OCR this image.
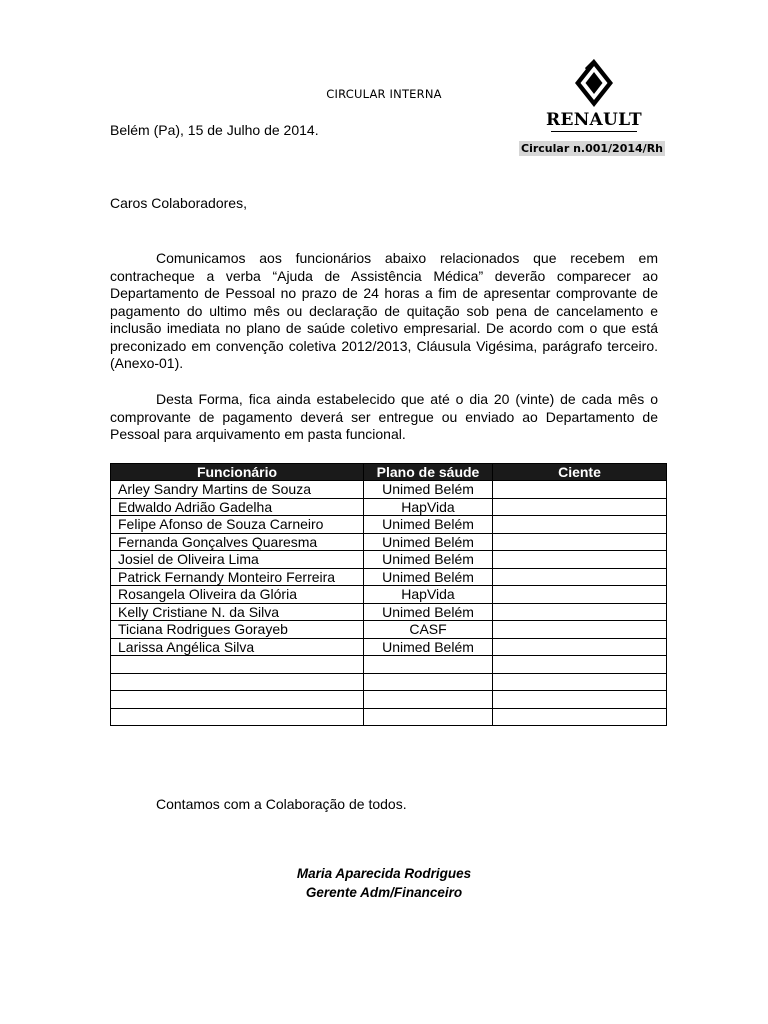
CIRCULAR INTERNA
RENAULT
Circular n.001/2014/Rh
Belém (Pa), 15 de Julho de 2014.
Caros Colaboradores,

Comunicamos aos funcionários abaixo relacionados que recebem em contracheque a verba “Ajuda de Assistência Médica” deverão comparecer ao Departamento de Pessoal no prazo de 24 horas a fim de apresentar comprovante de pagamento do ultimo mês ou declaração de quitação sob pena de cancelamento e inclusão imediata no plano de saúde coletivo empresarial. De acordo com o que está preconizado em convenção coletiva 2012/2013, Cláusula Vigésima, parágrafo terceiro. (Anexo-01).

Desta Forma, fica ainda estabelecido que até o dia 20 (vinte) de cada mês o comprovante de pagamento deverá ser entregue ou enviado ao Departamento de Pessoal para arquivamento em pasta funcional.

Funcionário	Plano de sáude	Ciente
Arley Sandry Martins de Souza	Unimed Belém	
Edwaldo Adrião Gadelha	HapVida	
Felipe Afonso de Souza Carneiro	Unimed Belém	
Fernanda Gonçalves Quaresma	Unimed Belém	
Josiel de Oliveira Lima	Unimed Belém	
Patrick Fernandy Monteiro Ferreira	Unimed Belém	
Rosangela Oliveira da Glória	HapVida	
Kelly Cristiane N. da Silva	Unimed Belém	
Ticiana Rodrigues Gorayeb	CASF	
Larissa Angélica Silva	Unimed Belém	

Contamos com a Colaboração de todos.
Maria Aparecida Rodrigues
Gerente Adm/Financeiro
